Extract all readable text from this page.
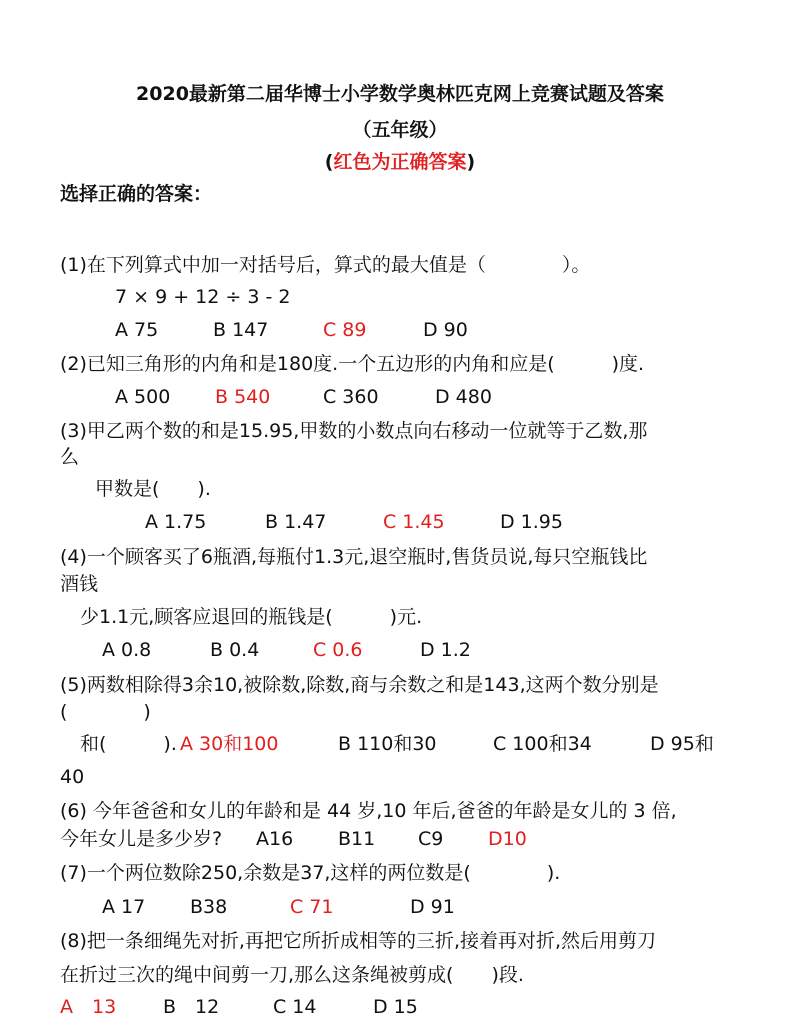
2020最新第二届华博士小学数学奥林匹克网上竞赛试题及答案
（五年级）
(红色为正确答案)
选择正确的答案：
(1)在下列算式中加一对括号后，算式的最大值是（　　　　）。
7 × 9 + 12 ÷ 3 - 2
A 75	B 147	C 89	D 90
(2)已知三角形的内角和是180度.一个五边形的内角和应是(　　　)度.
A 500 B 540	C 360	D 480
(3)甲乙两个数的和是15.95,甲数的小数点向右移动一位就等于乙数,那
么
甲数是(　　).
A 1.75	B 1.47	C 1.45	D 1.95
(4)一个顾客买了6瓶酒,每瓶付1.3元,退空瓶时,售货员说,每只空瓶钱比
酒钱
少1.1元,顾客应退回的瓶钱是(　　　)元.
A 0.8	B 0.4	C 0.6	D 1.2
(5)两数相除得3余10,被除数,除数,商与余数之和是143,这两个数分别是
(　　　　)
和(　　　). A 30和100	B 110和30	C 100和34	D 95和
40
(6) 今年爸爸和女儿的年龄和是 44 岁,10 年后,爸爸的年龄是女儿的 3 倍,
今年女儿是多少岁? A16 B11 C9 D10
(7)一个两位数除250,余数是37,这样的两位数是(　　　　).
A 17 B38	C 71	D 91
(8)把一条细绳先对折,再把它所折成相等的三折,接着再对折,然后用剪刀
在折过三次的绳中间剪一刀,那么这条绳被剪成(　　)段.
A　13 B　12	C 14	D 15
